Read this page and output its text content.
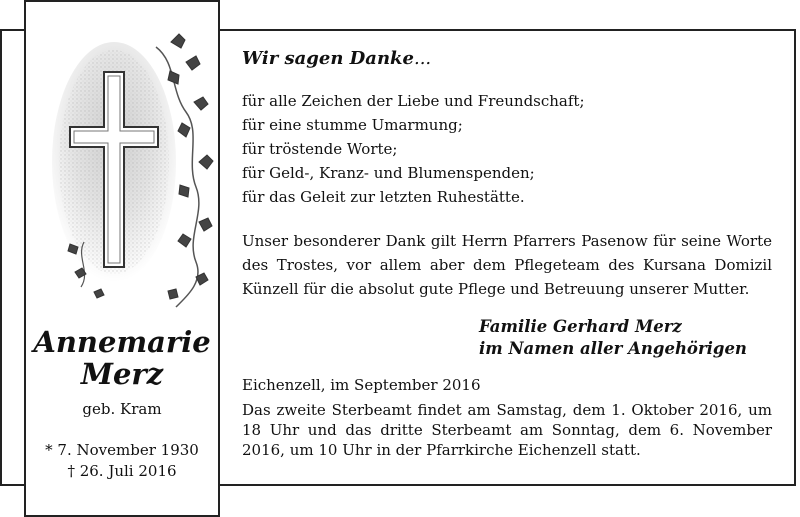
Annemarie
Merz
geb. Kram
* 7. November 1930
† 26. Juli 2016

Wir sagen Danke...

für alle Zeichen der Liebe und Freundschaft;
für eine stumme Umarmung;
für tröstende Worte;
für Geld-, Kranz- und Blumenspenden;
für das Geleit zur letzten Ruhestätte.
Unser besonderer Dank gilt Herrn Pfarrers Pasenow für seine Worte des Trostes, vor allem aber dem Pflegeteam des Kursana Domizil Künzell für die absolut gute Pflege und Betreuung unserer Mutter.
Familie Gerhard Merz
im Namen aller Angehörigen
Eichenzell, im September 2016
Das zweite Sterbeamt findet am Samstag, dem 1. Oktober 2016, um 18 Uhr und das dritte Sterbeamt am Sonntag, dem 6. November 2016, um 10 Uhr in der Pfarrkirche Eichenzell statt.
